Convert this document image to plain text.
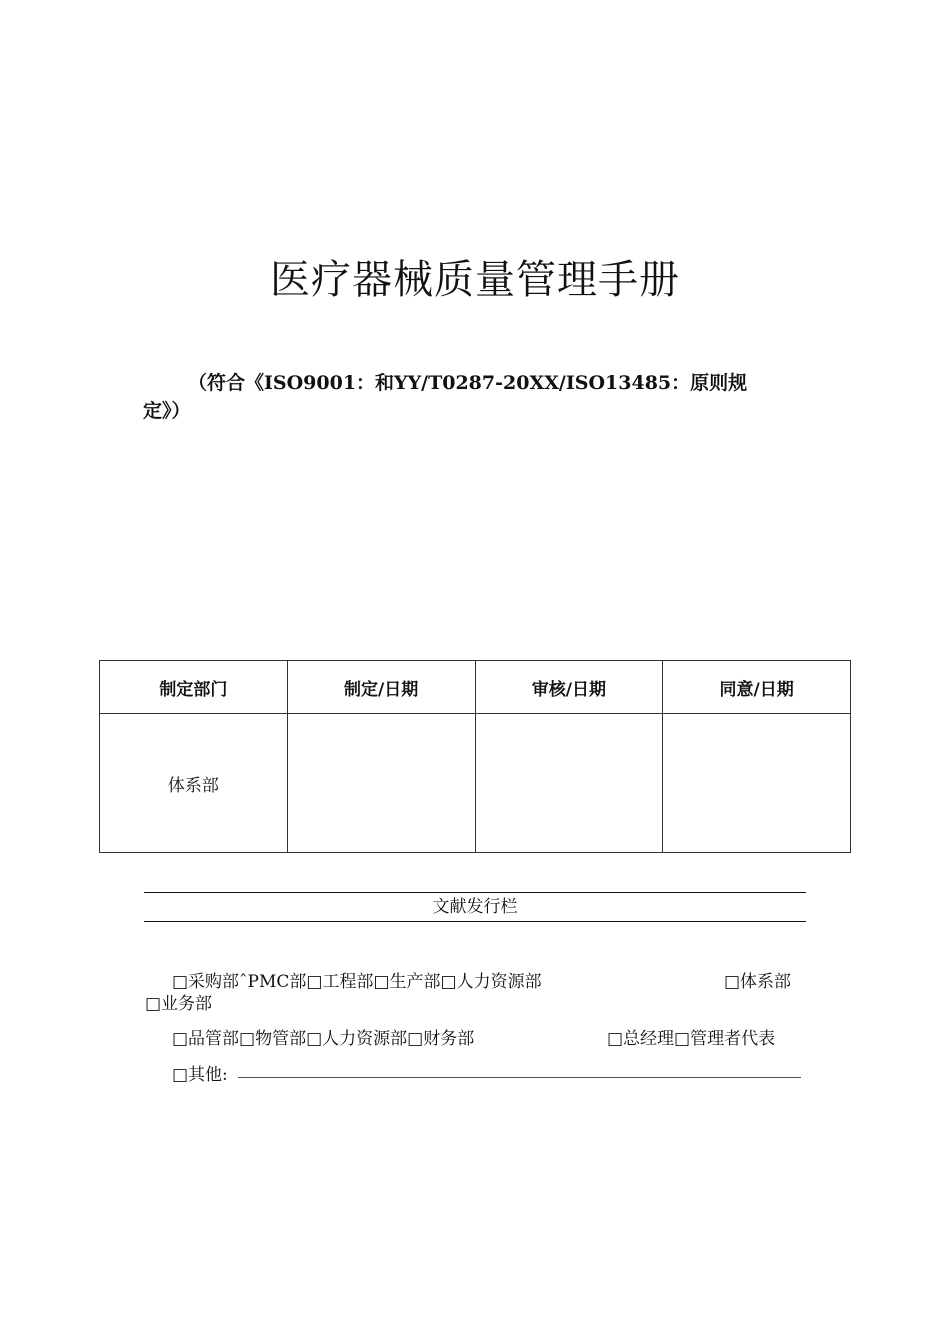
医疗器械质量管理手册

（符合《ISO9001：和YY/T0287-20XX/ISO13485：原则规定》）

制定部门	制定/日期	审核/日期	同意/日期
体系部			
文献发行栏
□采购部ˆPMC部□工程部□生产部□人力资源部	□体系部
□业务部
□品管部□物管部□人力资源部□财务部	□总经理□管理者代表
□其他:
